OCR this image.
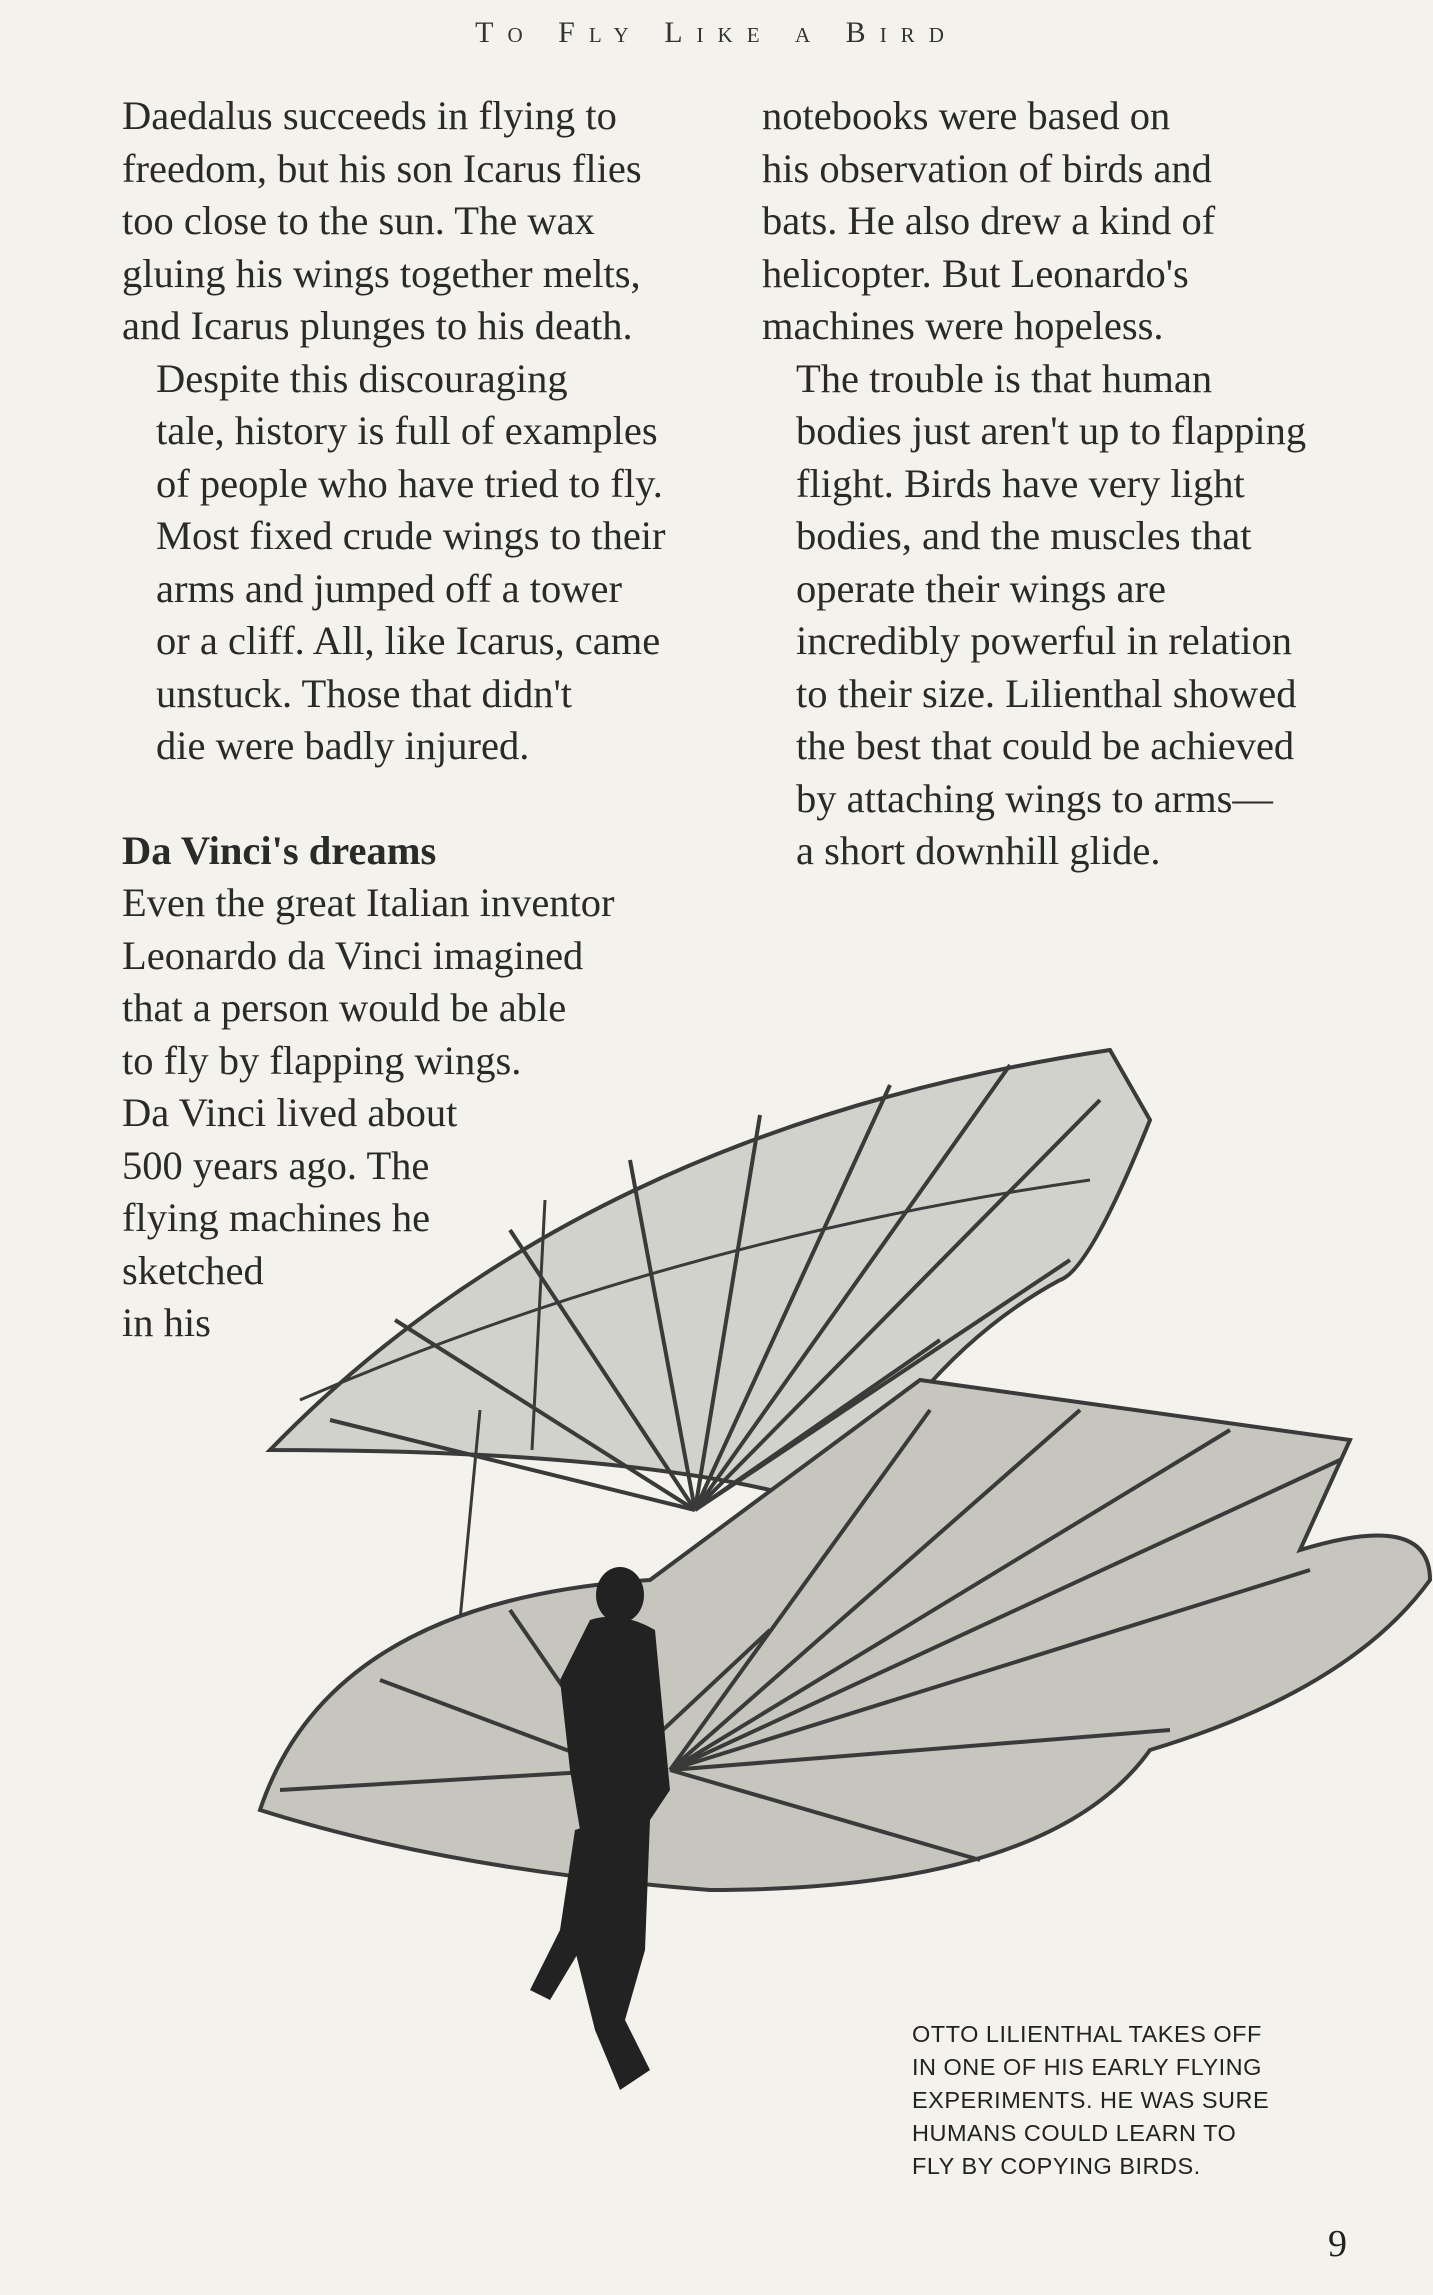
To Fly Like a Bird

Daedalus succeeds in flying to
freedom, but his son Icarus flies
too close to the sun. The wax
gluing his wings together melts,
and Icarus plunges to his death.

Despite this discouraging
tale, history is full of examples
of people who have tried to fly.
Most fixed crude wings to their
arms and jumped off a tower
or a cliff. All, like Icarus, came
unstuck. Those that didn't
die were badly injured.

Da Vinci's dreams

Even the great Italian inventor
Leonardo da Vinci imagined
that a person would be able
to fly by flapping wings.
Da Vinci lived about
500 years ago. The
flying machines he
sketched
in his

notebooks were based on
his observation of birds and
bats. He also drew a kind of
helicopter. But Leonardo's
machines were hopeless.

The trouble is that human
bodies just aren't up to flapping
flight. Birds have very light
bodies, and the muscles that
operate their wings are
incredibly powerful in relation
to their size. Lilienthal showed
the best that could be achieved
by attaching wings to arms—
a short downhill glide.

OTTO LILIENTHAL TAKES OFF
IN ONE OF HIS EARLY FLYING
EXPERIMENTS. HE WAS SURE
HUMANS COULD LEARN TO
FLY BY COPYING BIRDS.
9
